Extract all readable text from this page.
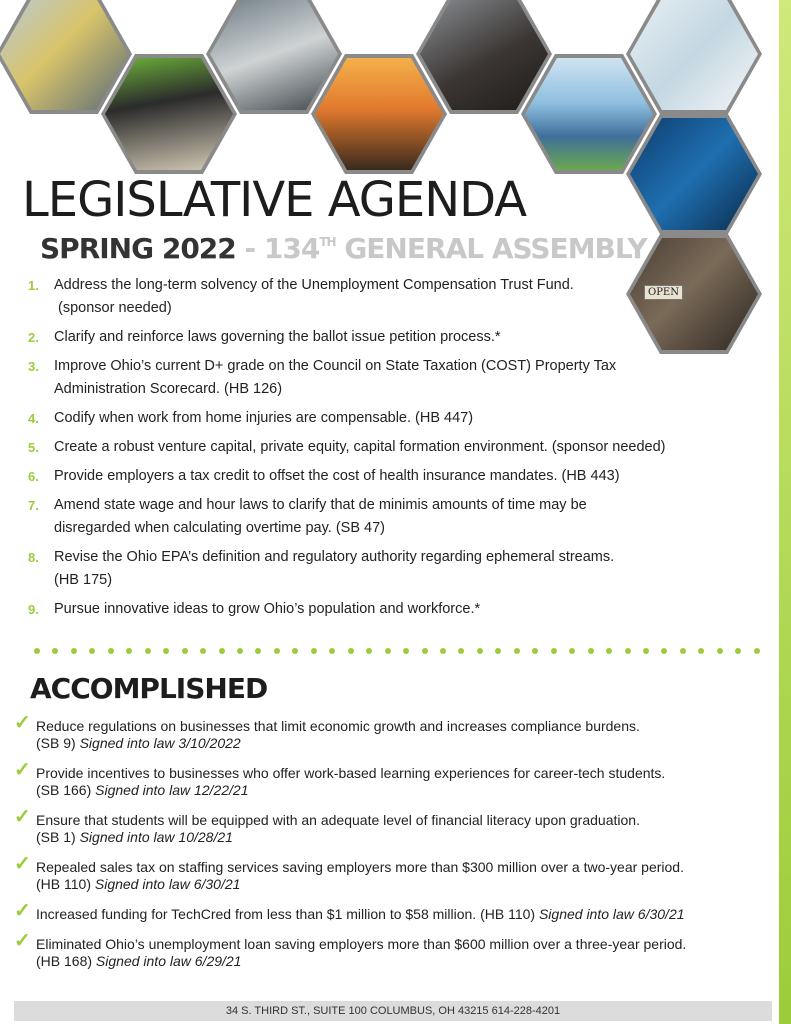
OPEN
LEGISLATIVE AGENDA
SPRING 2022 - 134TH GENERAL ASSEMBLY
1. Address the long-term solvency of the Unemployment Compensation Trust Fund.
(sponsor needed)
2. Clarify and reinforce laws governing the ballot issue petition process.*
3. Improve Ohio’s current D+ grade on the Council on State Taxation (COST) Property Tax
Administration Scorecard. (HB 126)
4. Codify when work from home injuries are compensable. (HB 447)
5. Create a robust venture capital, private equity, capital formation environment. (sponsor needed)
6. Provide employers a tax credit to offset the cost of health insurance mandates. (HB 443)
7. Amend state wage and hour laws to clarify that de minimis amounts of time may be
disregarded when calculating overtime pay. (SB 47)
8. Revise the Ohio EPA’s definition and regulatory authority regarding ephemeral streams.
(HB 175)
9. Pursue innovative ideas to grow Ohio’s population and workforce.*
ACCOMPLISHED
✓ Reduce regulations on businesses that limit economic growth and increases compliance burdens.
(SB 9) Signed into law 3/10/2022
✓ Provide incentives to businesses who offer work-based learning experiences for career-tech students.
(SB 166) Signed into law 12/22/21
✓ Ensure that students will be equipped with an adequate level of financial literacy upon graduation.
(SB 1) Signed into law 10/28/21
✓ Repealed sales tax on staffing services saving employers more than $300 million over a two-year period.
(HB 110) Signed into law 6/30/21
✓ Increased funding for TechCred from less than $1 million to $58 million. (HB 110) Signed into law 6/30/21
✓ Eliminated Ohio’s unemployment loan saving employers more than $600 million over a three-year period.
(HB 168) Signed into law 6/29/21
34 S. THIRD ST., SUITE 100 COLUMBUS, OH 43215 614-228-4201
